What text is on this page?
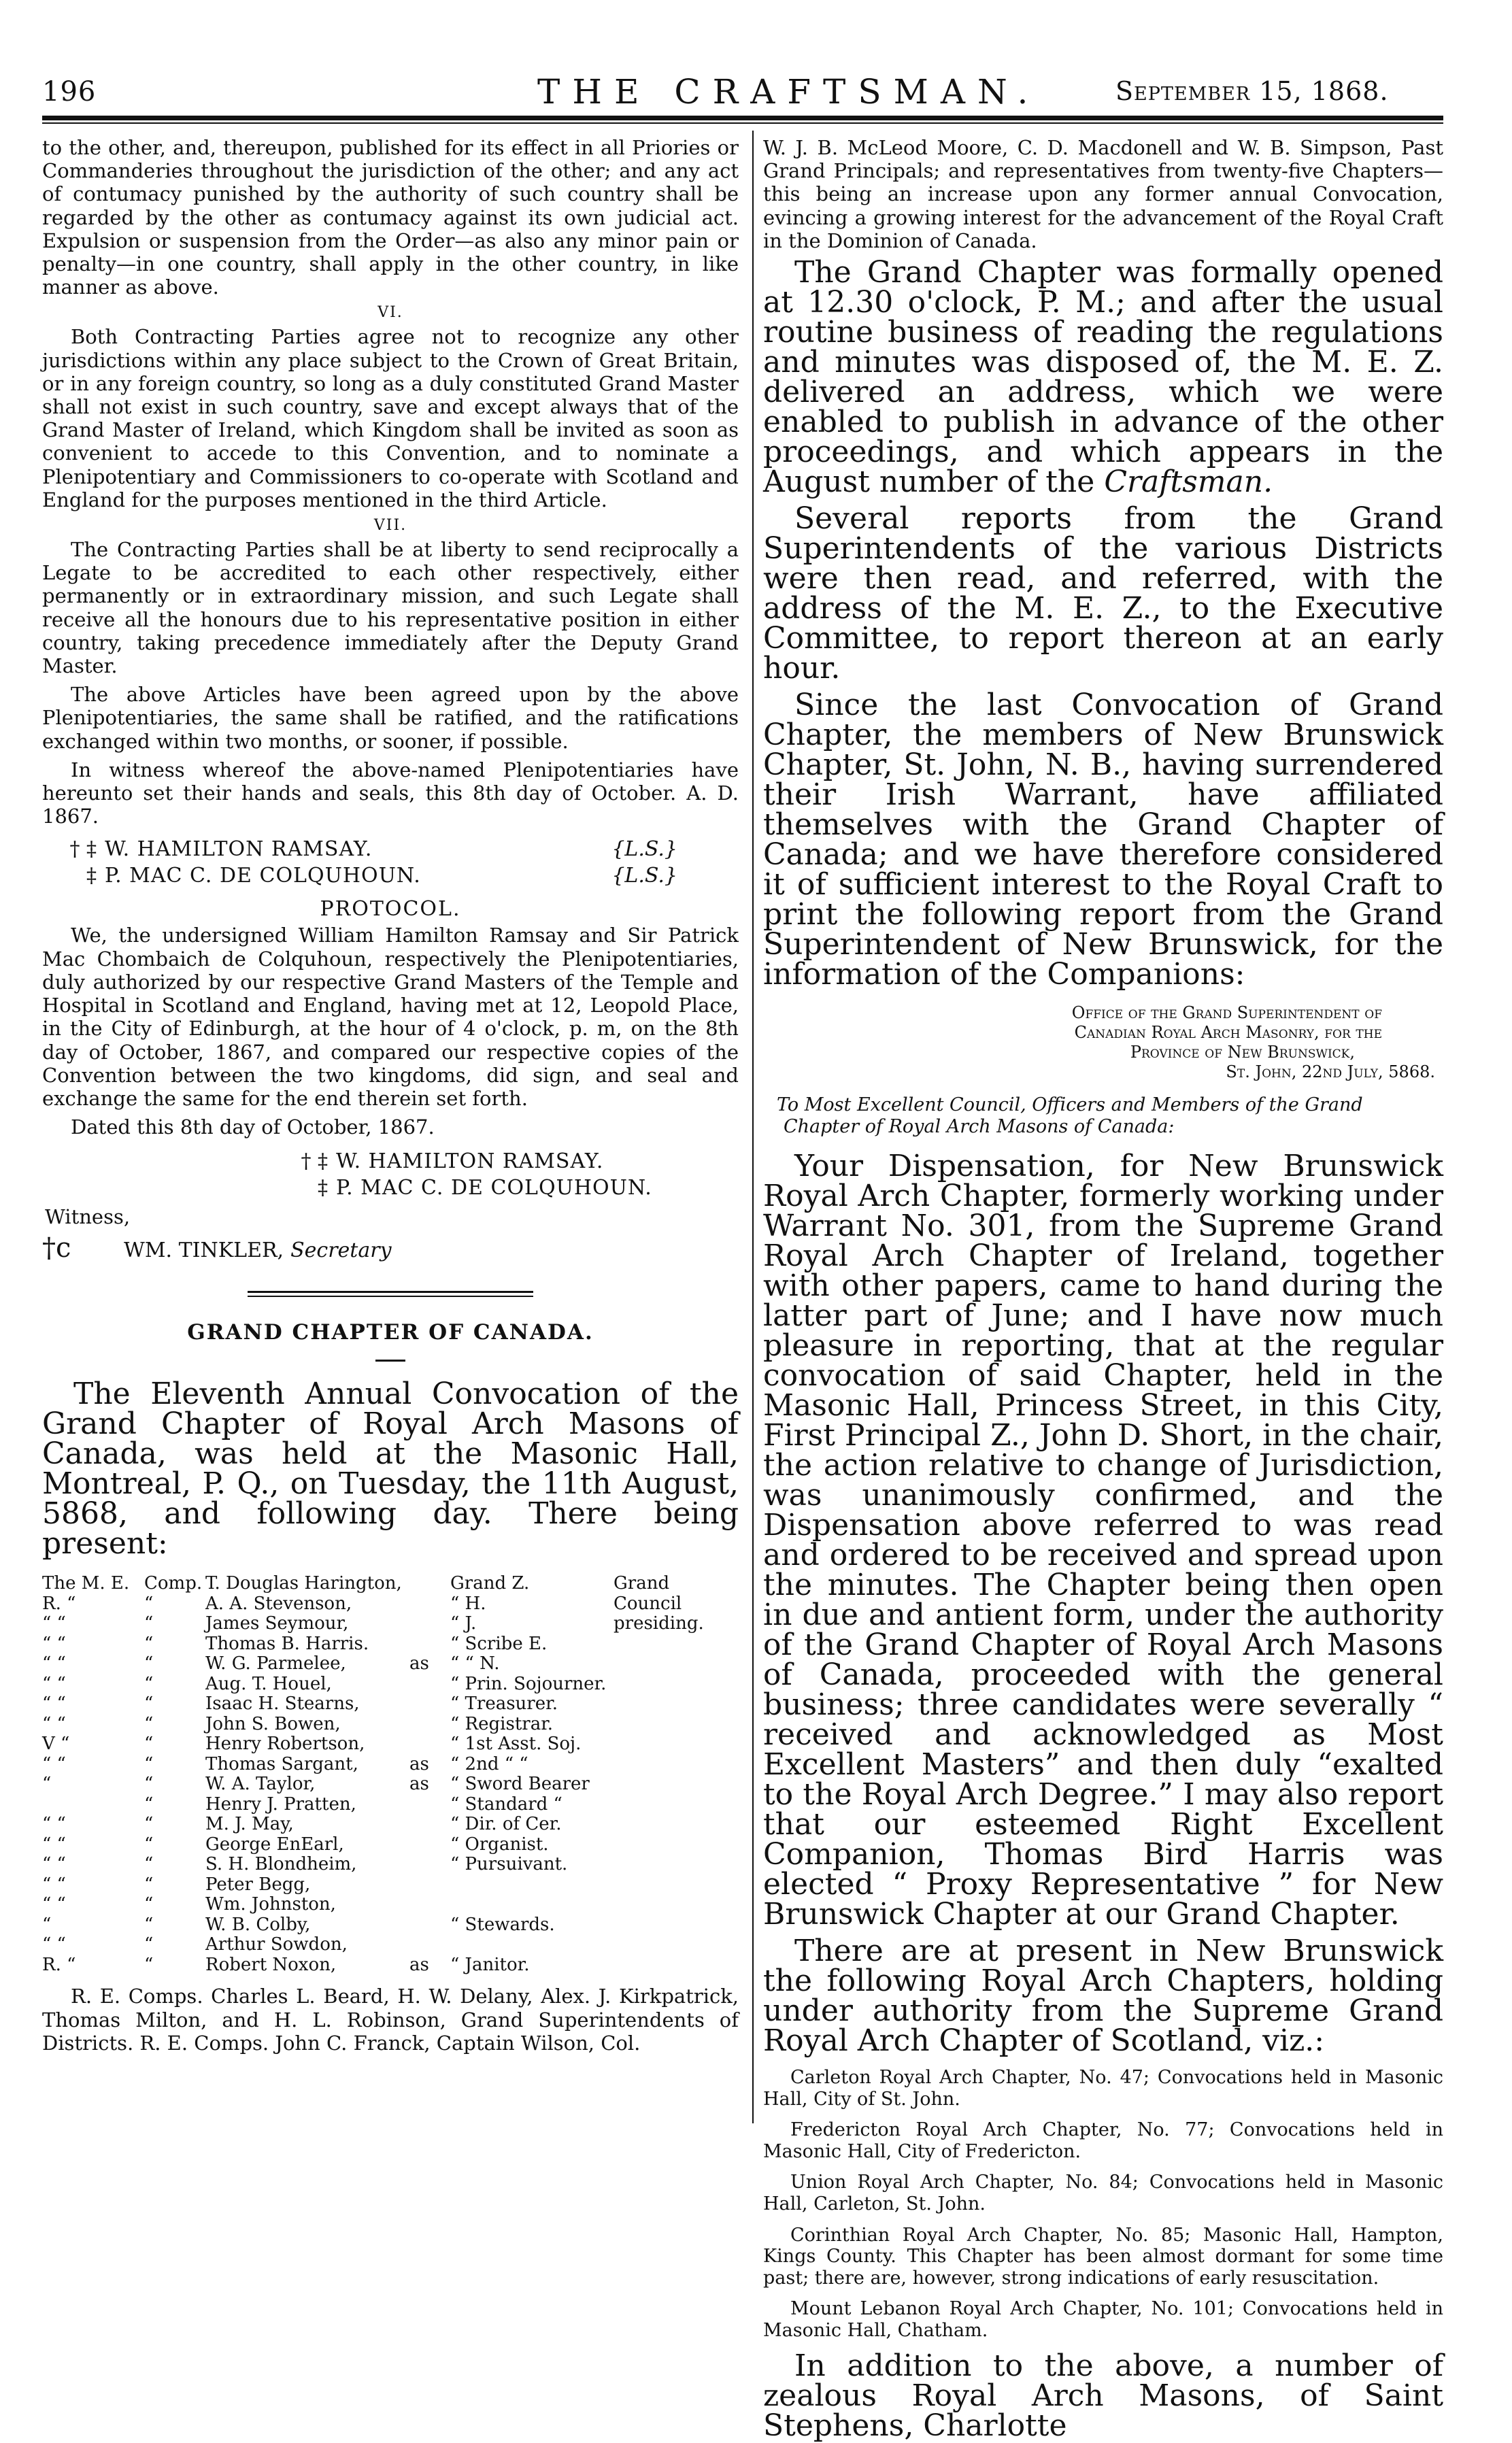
196	THE CRAFTSMAN.	September 15, 1868.

to the other, and, thereupon, published for its effect in all Priories or Commanderies throughout the jurisdiction of the other; and any act of contumacy punished by the authority of such country shall be regarded by the other as contumacy against its own judicial act. Expulsion or suspension from the Order—as also any minor pain or penalty—in one country, shall apply in the other country, in like manner as above.

VI.

Both Contracting Parties agree not to recognize any other jurisdictions within any place subject to the Crown of Great Britain, or in any foreign country, so long as a duly constituted Grand Master shall not exist in such country, save and except always that of the Grand Master of Ireland, which Kingdom shall be invited as soon as convenient to accede to this Convention, and to nominate a Plenipotentiary and Commissioners to co-operate with Scotland and England for the purposes mentioned in the third Article.

VII.

The Contracting Parties shall be at liberty to send reciprocally a Legate to be accredited to each other respectively, either permanently or in extraordinary mission, and such Legate shall receive all the honours due to his representative position in either country, taking precedence immediately after the Deputy Grand Master.

The above Articles have been agreed upon by the above Plenipotentiaries, the same shall be ratified, and the ratifications exchanged within two months, or sooner, if possible.

In witness whereof the above-named Plenipotentiaries have hereunto set their hands and seals, this 8th day of October. A. D. 1867.

† ‡ W. HAMILTON RAMSAY.	{L.S.}
‡ P. MAC C. DE COLQUHOUN.	{L.S.}
PROTOCOL.

We, the undersigned William Hamilton Ramsay and Sir Patrick Mac Chombaich de Colquhoun, respectively the Plenipotentiaries, duly authorized by our respective Grand Masters of the Temple and Hospital in Scotland and England, having met at 12, Leopold Place, in the City of Edinburgh, at the hour of 4 o'clock, p. m, on the 8th day of October, 1867, and compared our respective copies of the Convention between the two kingdoms, did sign, and seal and exchange the same for the end therein set forth.

Dated this 8th day of October, 1867.

† ‡ W. HAMILTON RAMSAY.
‡ P. MAC C. DE COLQUHOUN.
Witness,
†c	WM. TINKLER, Secretary
GRAND CHAPTER OF CANADA.

The Eleventh Annual Convocation of the Grand Chapter of Royal Arch Masons of Canada, was held at the Masonic Hall, Montreal, P. Q., on Tuesday, the 11th August, 5868, and following day. There being present:

The M. E.	Comp.	T. Douglas Harington,		Grand Z.	Grand
R. “	“	A. A. Stevenson,		“ H.	Council
“ “	“	James Seymour,		“ J.	presiding.
“ “	“	Thomas B. Harris.		“ Scribe E.	
“ “	“	W. G. Parmelee,	as	“ “ N.	
“ “	“	Aug. T. Houel,		“ Prin. Sojourner.	
“ “	“	Isaac H. Stearns,		“ Treasurer.	
“ “	“	John S. Bowen,		“ Registrar.	
V “	“	Henry Robertson,		“ 1st Asst. Soj.	
“ “	“	Thomas Sargant,	as	“ 2nd “ “	
“	“	W. A. Taylor,	as	“ Sword Bearer	
	“	Henry J. Pratten,		“ Standard “	
“ “	“	M. J. May,		“ Dir. of Cer.	
“ “	“	George EnEarl,		“ Organist.	
“ “	“	S. H. Blondheim,		“ Pursuivant.	
“ “	“	Peter Begg,			
“ “	“	Wm. Johnston,			
“	“	W. B. Colby,		“ Stewards.	
“ “	“	Arthur Sowdon,			
R. “	“	Robert Noxon,	as	“ Janitor.	

R. E. Comps. Charles L. Beard, H. W. Delany, Alex. J. Kirkpatrick, Thomas Milton, and H. L. Robinson, Grand Superintendents of Districts. R. E. Comps. John C. Franck, Captain Wilson, Col.

W. J. B. McLeod Moore, C. D. Macdonell and W. B. Simpson, Past Grand Principals; and representatives from twenty-five Chapters—this being an increase upon any former annual Convocation, evincing a growing interest for the advancement of the Royal Craft in the Dominion of Canada.

The Grand Chapter was formally opened at 12.30 o'clock, P. M.; and after the usual routine business of reading the regulations and minutes was disposed of, the M. E. Z. delivered an address, which we were enabled to publish in advance of the other proceedings, and which appears in the August number of the Craftsman.

Several reports from the Grand Superintendents of the various Districts were then read, and referred, with the address of the M. E. Z., to the Executive Committee, to report thereon at an early hour.

Since the last Convocation of Grand Chapter, the members of New Brunswick Chapter, St. John, N. B., having surrendered their Irish Warrant, have affiliated themselves with the Grand Chapter of Canada; and we have therefore considered it of sufficient interest to the Royal Craft to print the following report from the Grand Superintendent of New Brunswick, for the information of the Companions:

Office of the Grand Superintendent of
Canadian Royal Arch Masonry, for the
Province of New Brunswick,
St. John, 22nd July, 5868.
To Most Excellent Council, Officers and Members of the Grand Chapter of Royal Arch Masons of Canada:

Your Dispensation, for New Brunswick Royal Arch Chapter, formerly working under Warrant No. 301, from the Supreme Grand Royal Arch Chapter of Ireland, together with other papers, came to hand during the latter part of June; and I have now much pleasure in reporting, that at the regular convocation of said Chapter, held in the Masonic Hall, Princess Street, in this City, First Principal Z., John D. Short, in the chair, the action relative to change of Jurisdiction, was unanimously confirmed, and the Dispensation above referred to was read and ordered to be received and spread upon the minutes. The Chapter being then open in due and antient form, under the authority of the Grand Chapter of Royal Arch Masons of Canada, proceeded with the general business; three candidates were severally “ received and acknowledged as Most Excellent Masters” and then duly “exalted to the Royal Arch Degree.” I may also report that our esteemed Right Excellent Companion, Thomas Bird Harris was elected “ Proxy Representative ” for New Brunswick Chapter at our Grand Chapter.

There are at present in New Brunswick the following Royal Arch Chapters, holding under authority from the Supreme Grand Royal Arch Chapter of Scotland, viz.:

Carleton Royal Arch Chapter, No. 47; Convocations held in Masonic Hall, City of St. John.

Fredericton Royal Arch Chapter, No. 77; Convocations held in Masonic Hall, City of Fredericton.

Union Royal Arch Chapter, No. 84; Convocations held in Masonic Hall, Carleton, St. John.

Corinthian Royal Arch Chapter, No. 85; Masonic Hall, Hampton, Kings County. This Chapter has been almost dormant for some time past; there are, however, strong indications of early resuscitation.

Mount Lebanon Royal Arch Chapter, No. 101; Convocations held in Masonic Hall, Chatham.

In addition to the above, a number of zealous Royal Arch Masons, of Saint Stephens, Charlotte
